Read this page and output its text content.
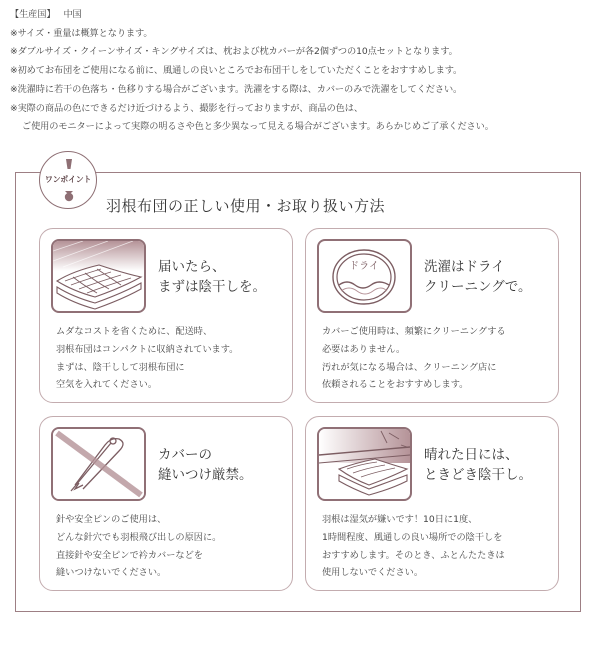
【生産国】 中国
※サイズ・重量は概算となります。
※ダブルサイズ・クイーンサイズ・キングサイズは、枕および枕カバーが各2個ずつの10点セットとなります。
※初めてお布団をご使用になる前に、風通しの良いところでお布団干しをしていただくことをおすすめします。
※洗濯時に若干の色落ち・色移りする場合がございます。洗濯をする際は、カバーのみで洗濯をしてください。
※実際の商品の色にできるだけ近づけるよう、撮影を行っておりますが、商品の色は、
ご使用のモニターによって実際の明るさや色と多少異なって見える場合がございます。あらかじめご了承ください。
ワンポイント
羽根布団の正しい使用・お取り扱い方法
届いたら、
まずは陰干しを。
ムダなコストを省くために、配送時、
羽根布団はコンパクトに収納されています。
まずは、陰干しして羽根布団に
空気を入れてください。
ドライ	洗濯はドライ
クリーニングで。
カバーご使用時は、頻繁にクリーニングする
必要はありません。
汚れが気になる場合は、クリーニング店に
依頼されることをおすすめします。
カバーの
縫いつけ厳禁。
針や安全ピンのご使用は、
どんな針穴でも羽根飛び出しの原因に。
直接針や安全ピンで衿カバーなどを
縫いつけないでください。
晴れた日には、
ときどき陰干し。
羽根は湿気が嫌いです！10日に1度、
1時間程度、風通しの良い場所での陰干しを
おすすめします。そのとき、ふとんたたきは
使用しないでください。
